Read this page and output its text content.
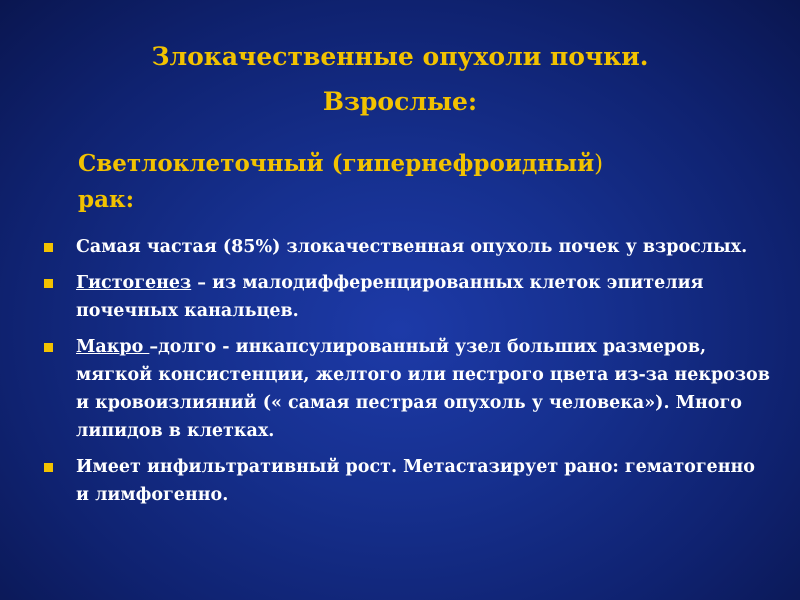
Злокачественные опухоли почки.
Взрослые:
Светлоклеточный (гипернефроидный)
рак:
Самая частая (85%) злокачественная опухоль почек у взрослых.
Гистогенез – из малодифференцированных клеток эпителия почечных канальцев.
Макро –долго - инкапсулированный узел больших размеров, мягкой консистенции, желтого или пестрого цвета из-за некрозов и кровоизлияний (« самая пестрая опухоль у человека»). Много липидов в клетках.
Имеет инфильтративный рост. Метастазирует рано: гематогенно и лимфогенно.
